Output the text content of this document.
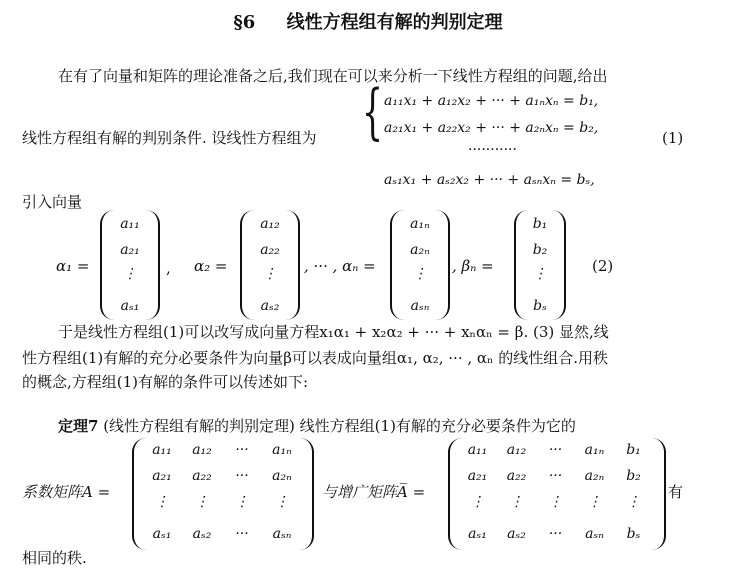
§6 线性方程组有解的判别定理
在有了向量和矩阵的理论准备之后,我们现在可以来分析一下线性方程组的问题,给出
线性方程组有解的判别条件. 设线性方程组为 { a₁₁x₁ + a₁₂x₂ + ··· + a₁ₙxₙ = b₁,
a₂₁x₁ + a₂₂x₂ + ··· + a₂ₙxₙ = b₂,
···········
aₛ₁x₁ + aₛ₂x₂ + ··· + aₛₙxₙ = bₛ,
(1)
引入向量
α₁ =
a₁₁
a₂₁
⋮
aₛ₁
, α₂ =
a₁₂
a₂₂
⋮
aₛ₂
, ··· , αₙ =
a₁ₙ
a₂ₙ
⋮
aₛₙ
, βₙ =
b₁
b₂
⋮
bₛ
(2)
于是线性方程组(1)可以改写成向量方程x₁α₁ + x₂α₂ + ··· + xₙαₙ = β. (3) 显然,线
性方程组(1)有解的充分必要条件为向量β可以表成向量组α₁, α₂, ··· , αₙ 的线性组合.用秩
的概念,方程组(1)有解的条件可以传述如下:
定理7 (线性方程组有解的判别定理) 线性方程组(1)有解的充分必要条件为它的
系数矩阵A =
a₁₁	a₁₂	···	a₁ₙ
a₂₁	a₂₂	···	a₂ₙ
⋮	⋮	⋮	⋮
aₛ₁	aₛ₂	···	aₛₙ
与增广矩阵A̅ =
a₁₁	a₁₂	···	a₁ₙ	b₁
a₂₁	a₂₂	···	a₂ₙ	b₂
⋮	⋮	⋮	⋮	⋮
aₛ₁	aₛ₂	···	aₛₙ	bₛ
有
相同的秩.
